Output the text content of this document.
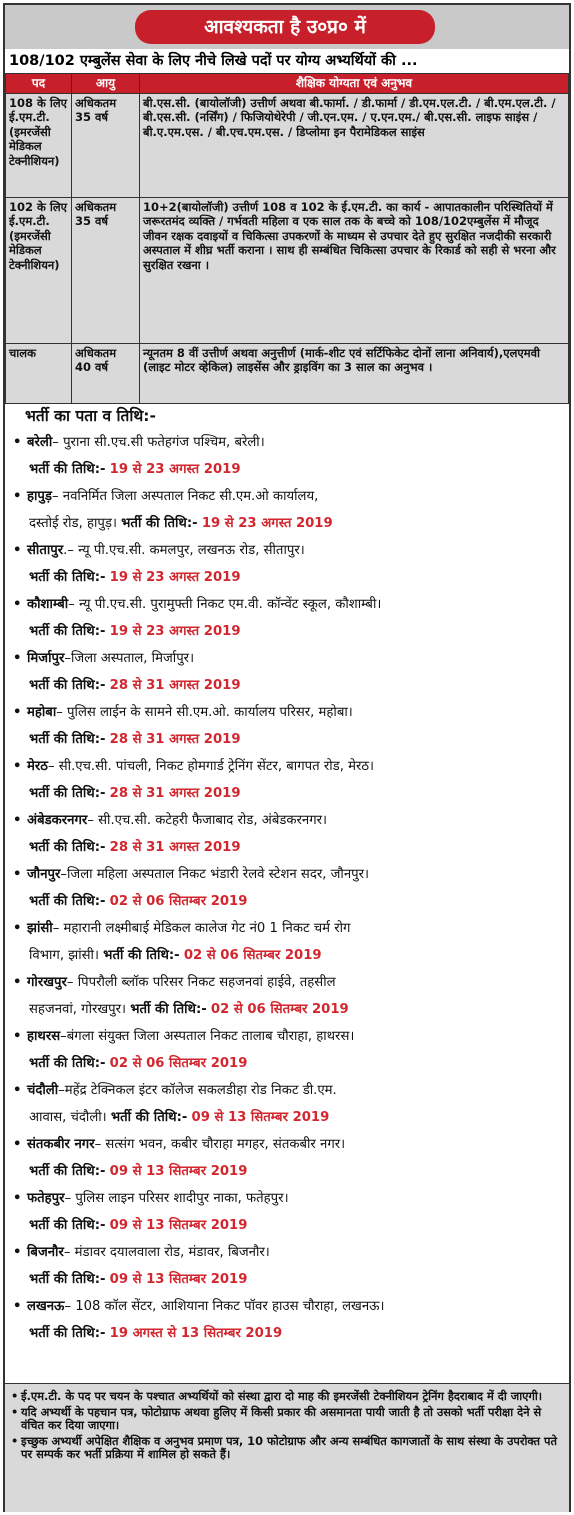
आवश्यकता है उ०प्र० में
108/102 एम्बुलेंस सेवा के लिए नीचे लिखे पदों पर योग्य अभ्यर्थियों की ...
पद	आयु	शैक्षिक योग्यता एवं अनुभव
108 के लिए ई.एम.टी. (इमरजेंसी मेडिकल टेक्नीशियन)	अधिकतम 35 वर्ष	बी.एस.सी. (बायोलॉजी) उत्तीर्ण अथवा बी.फार्मा. / डी.फार्मा / डी.एम.एल.टी. / बी.एम.एल.टी. / बी.एस.सी. (नर्सिंग) / फिजियोथेरेपी / जी.एन.एम. / ए.एन.एम./ बी.एस.सी. लाइफ साइंस / बी.ए.एम.एस. / बी.एच.एम.एस. / डिप्लोमा इन पैरामेडिकल साइंस
102 के लिए ई.एम.टी. (इमरजेंसी मेडिकल टेक्नीशियन)	अधिकतम 35 वर्ष	10+2(बायोलॉजी) उत्तीर्ण 108 व 102 के ई.एम.टी. का कार्य - आपातकालीन परिस्थितियों में जरूरतमंद व्यक्ति / गर्भवती महिला व एक साल तक के बच्चे को 108/102एम्बुलेंस में मौजूद जीवन रक्षक दवाइयों व चिकित्सा उपकरणों के माध्यम से उपचार देते हुए सुरक्षित नजदीकी सरकारी अस्पताल में शीघ्र भर्ती कराना । साथ ही सम्बंधित चिकित्सा उपचार के रिकार्ड को सही से भरना और सुरक्षित रखना ।
चालक	अधिकतम 40 वर्ष	न्यूनतम 8 वीं उत्तीर्ण अथवा अनुत्तीर्ण (मार्क-शीट एवं सर्टिफिकेट दोनों लाना अनिवार्य),एलएमवी (लाइट मोटर व्हेकिल) लाइसेंस और ड्राइविंग का 3 साल का अनुभव ।
भर्ती का पता व तिथि:-
• बरेली– पुराना सी.एच.सी फतेहगंज पश्चिम, बरेली।
भर्ती की तिथि:- 19 से 23 अगस्त 2019
• हापुड़– नवनिर्मित जिला अस्पताल निकट सी.एम.ओ कार्यालय,
दस्तोई रोड, हापुड़। भर्ती की तिथि:- 19 से 23 अगस्त 2019
• सीतापुर.– न्यू पी.एच.सी. कमलपुर, लखनऊ रोड, सीतापुर।
भर्ती की तिथि:- 19 से 23 अगस्त 2019
• कौशाम्बी– न्यू पी.एच.सी. पुरामुफ्ती निकट एम.वी. कॉन्वेंट स्कूल, कौशाम्बी।
भर्ती की तिथि:- 19 से 23 अगस्त 2019
• मिर्जापुर–जिला अस्पताल, मिर्जापुर।
भर्ती की तिथि:- 28 से 31 अगस्त 2019
• महोबा– पुलिस लाईन के सामने सी.एम.ओ. कार्यालय परिसर, महोबा।
भर्ती की तिथि:- 28 से 31 अगस्त 2019
• मेरठ– सी.एच.सी. पांचली, निकट होमगार्ड ट्रेनिंग सेंटर, बागपत रोड, मेरठ।
भर्ती की तिथि:- 28 से 31 अगस्त 2019
• अंबेडकरनगर– सी.एच.सी. कटेहरी फैजाबाद रोड, अंबेडकरनगर।
भर्ती की तिथि:- 28 से 31 अगस्त 2019
• जौनपुर–जिला महिला अस्पताल निकट भंडारी रेलवे स्टेशन सदर, जौनपुर।
भर्ती की तिथि:- 02 से 06 सितम्बर 2019
• झांसी– महारानी लक्ष्मीबाई मेडिकल कालेज गेट नं0 1 निकट चर्म रोग
विभाग, झांसी। भर्ती की तिथि:- 02 से 06 सितम्बर 2019
• गोरखपुर– पिपरौली ब्लॉक परिसर निकट सहजनवां हाईवे, तहसील
सहजनवां, गोरखपुर। भर्ती की तिथि:- 02 से 06 सितम्बर 2019
• हाथरस–बंगला संयुक्त जिला अस्पताल निकट तालाब चौराहा, हाथरस।
भर्ती की तिथि:- 02 से 06 सितम्बर 2019
• चंदौली–महेंद्र टेक्निकल इंटर कॉलेज सकलडीहा रोड निकट डी.एम.
आवास, चंदौली। भर्ती की तिथि:- 09 से 13 सितम्बर 2019
• संतकबीर नगर– सत्संग भवन, कबीर चौराहा मगहर, संतकबीर नगर।
भर्ती की तिथि:- 09 से 13 सितम्बर 2019
• फतेहपुर– पुलिस लाइन परिसर शादीपुर नाका, फतेहपुर।
भर्ती की तिथि:- 09 से 13 सितम्बर 2019
• बिजनौर– मंडावर दयालवाला रोड, मंडावर, बिजनौर।
भर्ती की तिथि:- 09 से 13 सितम्बर 2019
• लखनऊ– 108 कॉल सेंटर, आशियाना निकट पॉवर हाउस चौराहा, लखनऊ।
भर्ती की तिथि:- 19 अगस्त से 13 सितम्बर 2019
• ई.एम.टी. के पद पर चयन के पश्चात अभ्यर्थियों को संस्था द्वारा दो माह की इमरजेंसी टेक्नीशियन ट्रेनिंग हैदराबाद में दी जाएगी।
• यदि अभ्यर्थी के पहचान पत्र, फोटोग्राफ अथवा हुलिए में किसी प्रकार की असमानता पायी जाती है तो उसको भर्ती परीक्षा देने से वंचित कर दिया जाएगा।
• इच्छुक अभ्यर्थी अपेक्षित शैक्षिक व अनुभव प्रमाण पत्र, 10 फोटोग्राफ और अन्य सम्बंधित कागजातों के साथ संस्था के उपरोक्त पते पर सम्पर्क कर भर्ती प्रक्रिया में शामिल हो सकते हैं।
